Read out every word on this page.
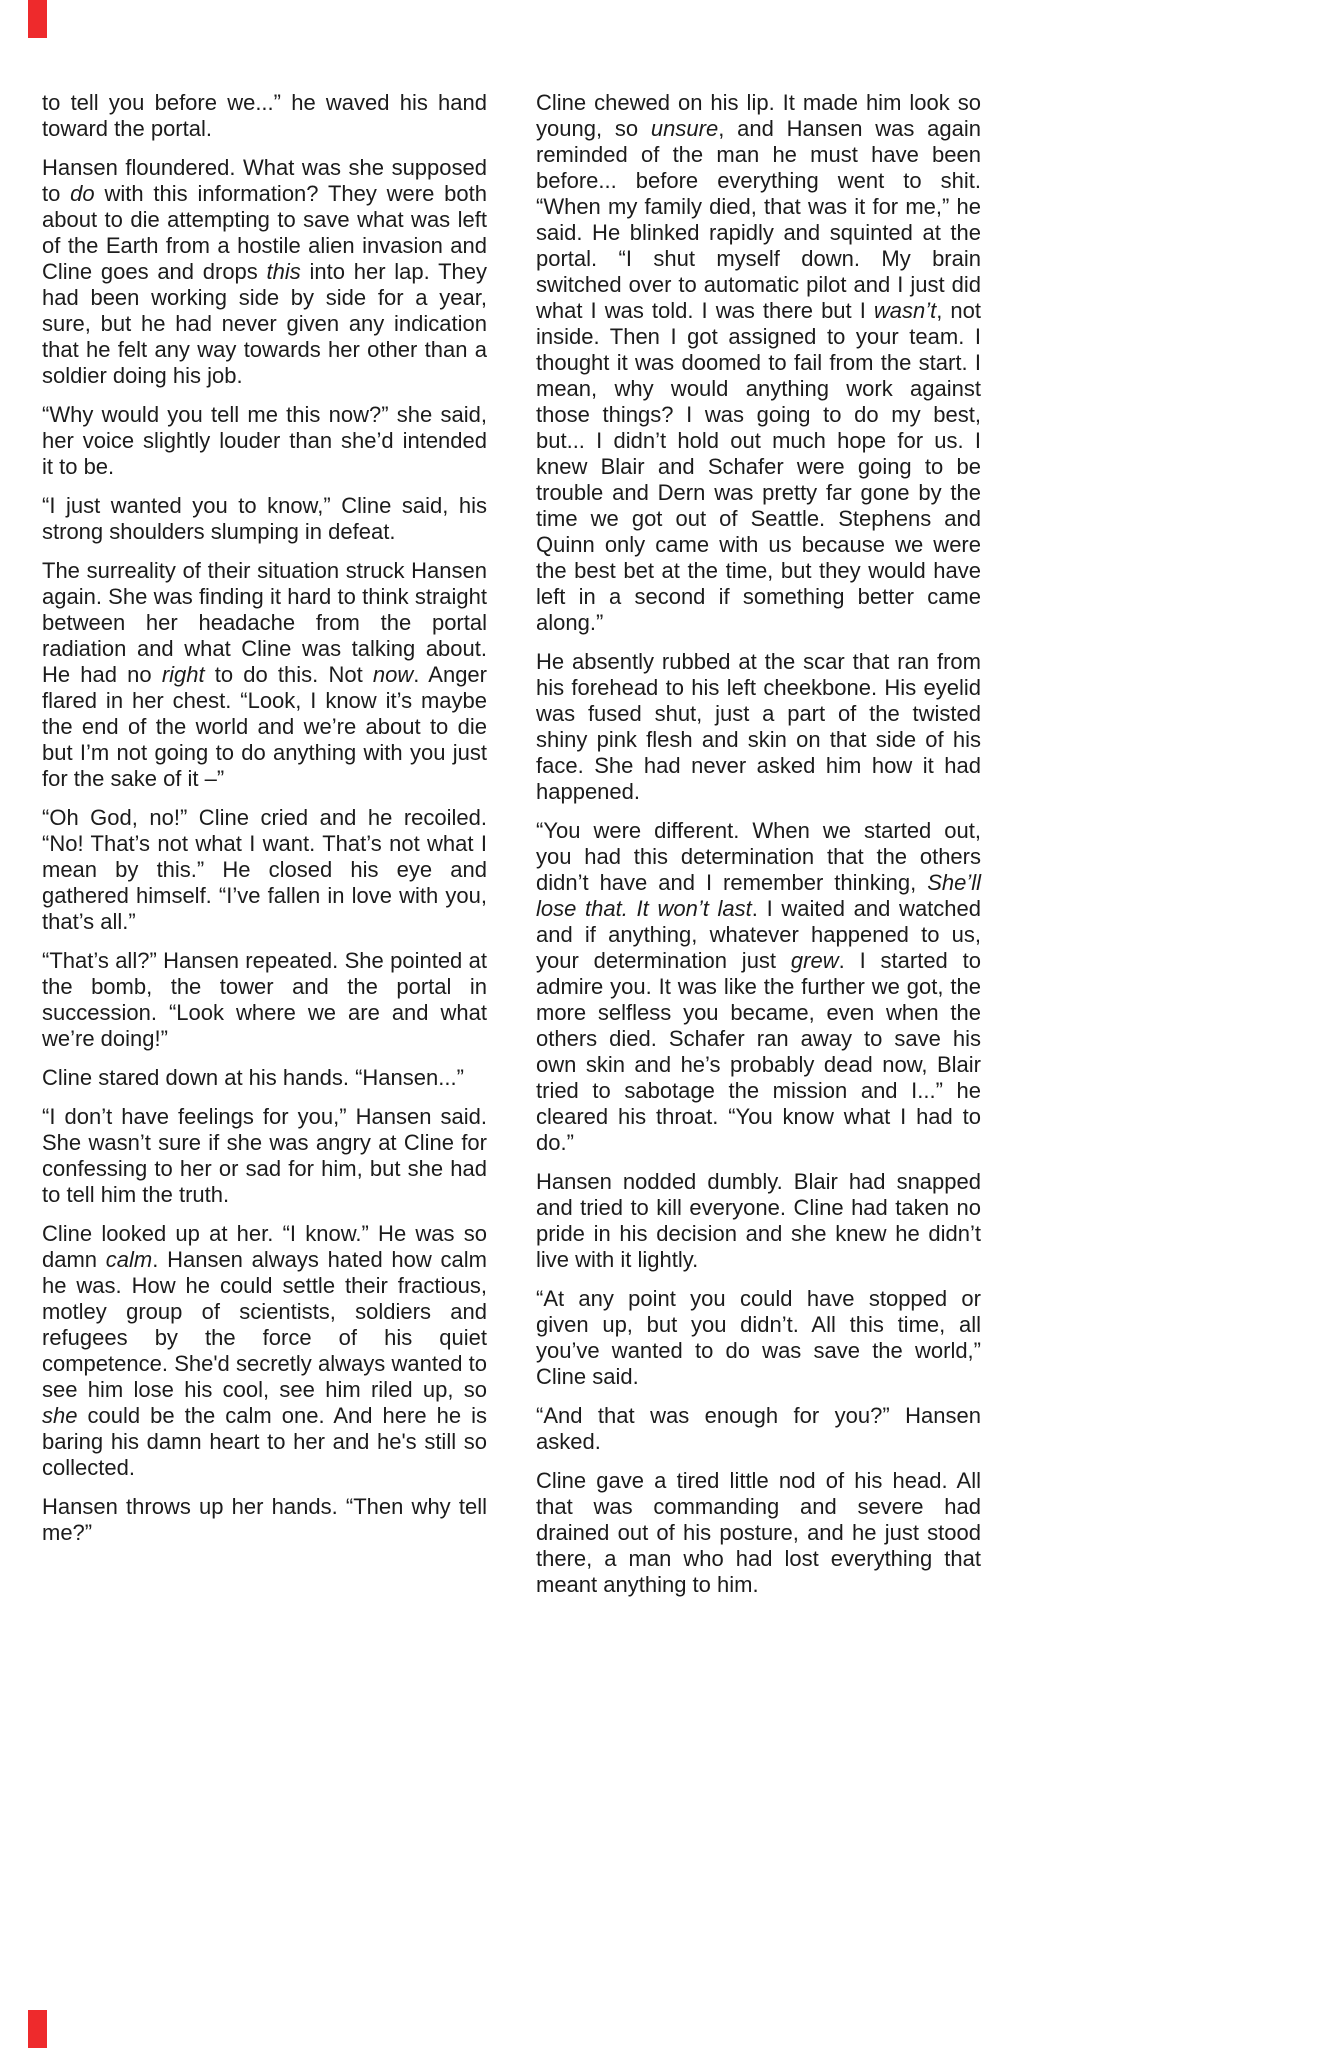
to tell you before we...” he waved his hand toward the portal.

Hansen floundered. What was she supposed to do with this information? They were both about to die attempting to save what was left of the Earth from a hostile alien invasion and Cline goes and drops this into her lap. They had been working side by side for a year, sure, but he had never given any indication that he felt any way towards her other than a soldier doing his job.

“Why would you tell me this now?” she said, her voice slightly louder than she’d intended it to be.

“I just wanted you to know,” Cline said, his strong shoulders slumping in defeat.

The surreality of their situation struck Hansen again. She was finding it hard to think straight between her headache from the portal radiation and what Cline was talking about. He had no right to do this. Not now. Anger flared in her chest. “Look, I know it’s maybe the end of the world and we’re about to die but I’m not going to do anything with you just for the sake of it –”

“Oh God, no!” Cline cried and he recoiled. “No! That’s not what I want. That’s not what I mean by this.” He closed his eye and gathered himself. “I’ve fallen in love with you, that’s all.”

“That’s all?” Hansen repeated. She pointed at the bomb, the tower and the portal in succession. “Look where we are and what we’re doing!”

Cline stared down at his hands. “Hansen...”

“I don’t have feelings for you,” Hansen said. She wasn’t sure if she was angry at Cline for confessing to her or sad for him, but she had to tell him the truth.

Cline looked up at her. “I know.” He was so damn calm. Hansen always hated how calm he was. How he could settle their fractious, motley group of scientists, soldiers and refugees by the force of his quiet competence. She'd secretly always wanted to see him lose his cool, see him riled up, so she could be the calm one. And here he is baring his damn heart to her and he's still so collected.

Hansen throws up her hands. “Then why tell me?”

Cline chewed on his lip. It made him look so young, so unsure, and Hansen was again reminded of the man he must have been before... before everything went to shit. “When my family died, that was it for me,” he said. He blinked rapidly and squinted at the portal. “I shut myself down. My brain switched over to automatic pilot and I just did what I was told. I was there but I wasn’t, not inside. Then I got assigned to your team. I thought it was doomed to fail from the start. I mean, why would anything work against those things? I was going to do my best, but... I didn’t hold out much hope for us. I knew Blair and Schafer were going to be trouble and Dern was pretty far gone by the time we got out of Seattle. Stephens and Quinn only came with us because we were the best bet at the time, but they would have left in a second if something better came along.”

He absently rubbed at the scar that ran from his forehead to his left cheekbone. His eyelid was fused shut, just a part of the twisted shiny pink flesh and skin on that side of his face. She had never asked him how it had happened.

“You were different. When we started out, you had this determination that the others didn’t have and I remember thinking, She’ll lose that. It won’t last. I waited and watched and if anything, whatever happened to us, your determination just grew. I started to admire you. It was like the further we got, the more selfless you became, even when the others died. Schafer ran away to save his own skin and he’s probably dead now, Blair tried to sabotage the mission and I...” he cleared his throat. “You know what I had to do.”

Hansen nodded dumbly. Blair had snapped and tried to kill everyone. Cline had taken no pride in his decision and she knew he didn’t live with it lightly.

“At any point you could have stopped or given up, but you didn’t. All this time, all you’ve wanted to do was save the world,” Cline said.

“And that was enough for you?” Hansen asked.

Cline gave a tired little nod of his head. All that was commanding and severe had drained out of his posture, and he just stood there, a man who had lost everything that meant anything to him.
